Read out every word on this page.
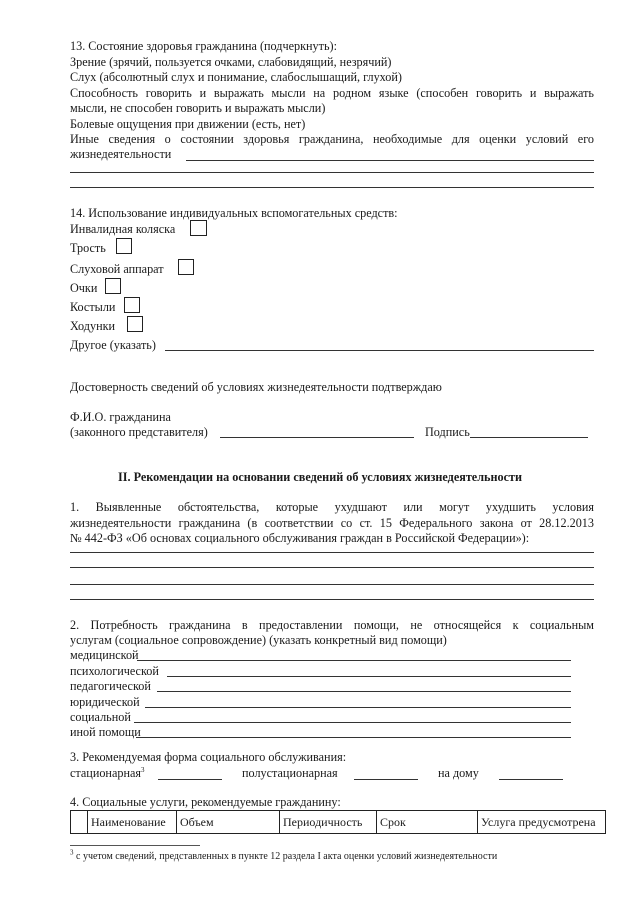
13. Состояние здоровья гражданина (подчеркнуть):
Зрение (зрячий, пользуется очками, слабовидящий, незрячий)
Слух (абсолютный слух и понимание, слабослышащий, глухой)
Способность говорить и выражать мысли на родном языке (способен говорить и выражать
мысли, не способен говорить и выражать мысли)
Болевые ощущения при движении (есть, нет)
Иные сведения о состоянии здоровья гражданина, необходимые для оценки условий его
жизнедеятельности
14. Использование индивидуальных вспомогательных средств:
Инвалидная коляска
Трость
Слуховой аппарат
Очки
Костыли
Ходунки
Другое (указать)
Достоверность сведений об условиях жизнедеятельности подтверждаю
Ф.И.О. гражданина
(законного представителя)	Подпись
II. Рекомендации на основании сведений об условиях жизнедеятельности
1. Выявленные обстоятельства, которые ухудшают или могут ухудшить условия
жизнедеятельности гражданина (в соответствии со ст. 15 Федерального закона от 28.12.2013
№ 442-ФЗ «Об основах социального обслуживания граждан в Российской Федерации»):
2. Потребность гражданина в предоставлении помощи, не относящейся к социальным
услугам (социальное сопровождение) (указать конкретный вид помощи)
медицинской
психологической
педагогической
юридической
социальной
иной помощи
3. Рекомендуемая форма социального обслуживания:
стационарная$^3$	полустационарная	на дому
4. Социальные услуги, рекомендуемые гражданину:
	Наименование	Объем	Периодичность	Срок	Услуга предусмотрена
$^3$ с учетом сведений, представленных в пункте 12 раздела I акта оценки условий жизнедеятельности
